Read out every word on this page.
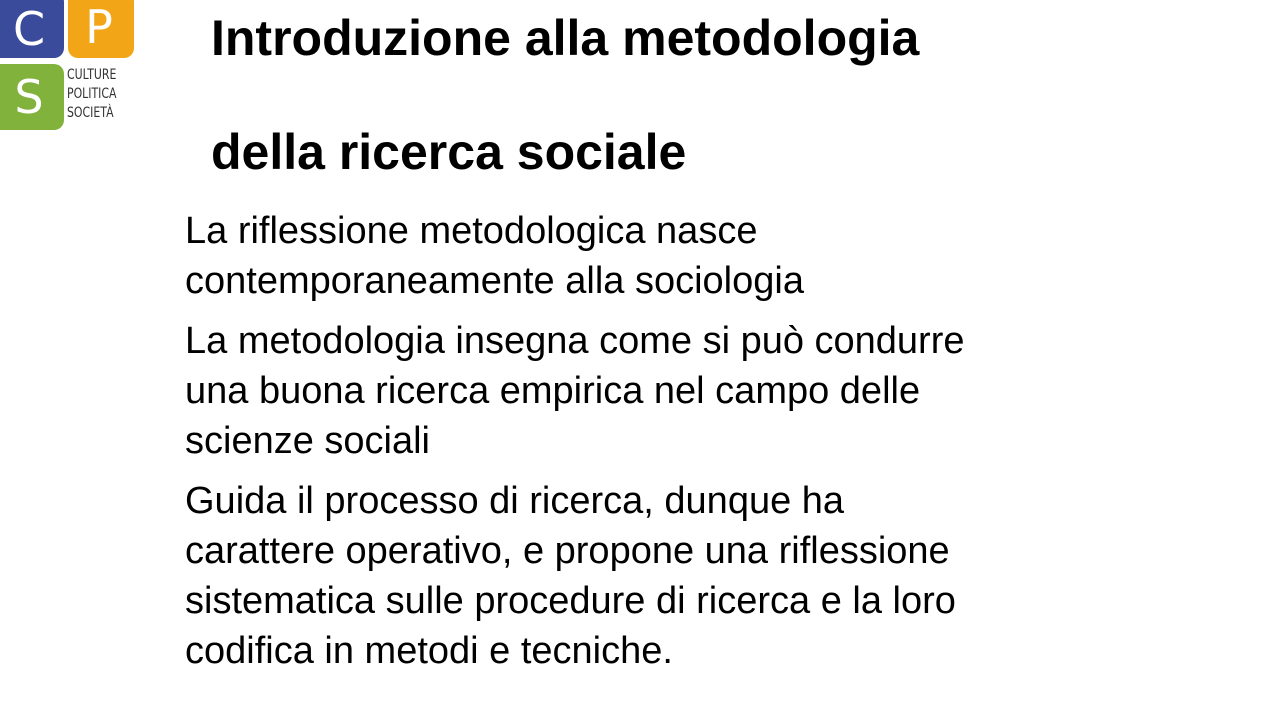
C P
S	CULTURE
POLITICA
SOCIETÀ
Introduzione alla metodologia
della ricerca sociale

La riflessione metodologica nasce
contemporaneamente alla sociologia

La metodologia insegna come si può condurre
una buona ricerca empirica nel campo delle
scienze sociali

Guida il processo di ricerca, dunque ha
carattere operativo, e propone una riflessione
sistematica sulle procedure di ricerca e la loro
codifica in metodi e tecniche.
